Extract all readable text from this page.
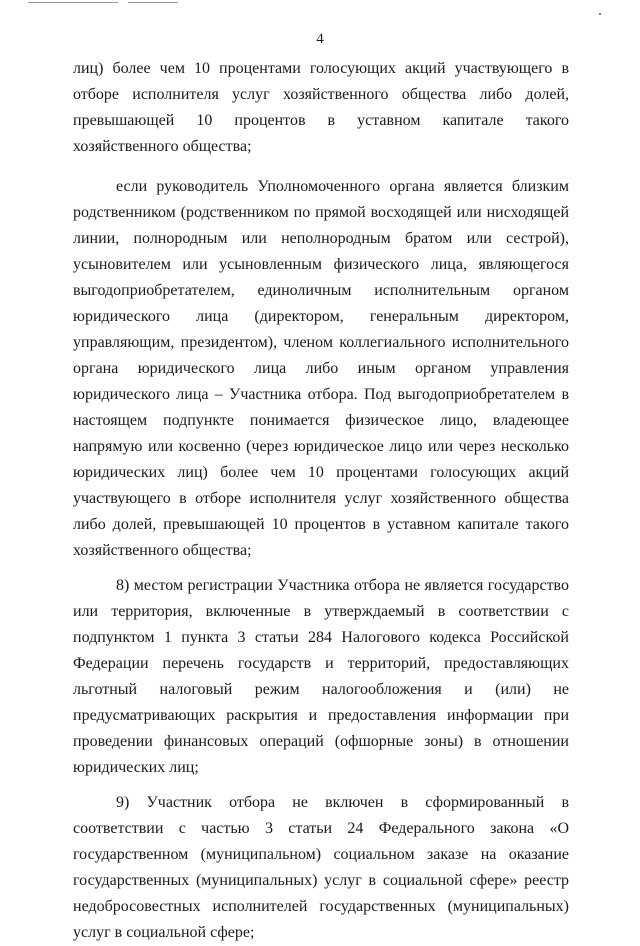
4

лиц) более чем 10 процентами голосующих акций участвующего в отборе исполнителя услуг хозяйственного общества либо долей, превышающей 10 процентов в уставном капитале такого хозяйственного общества;

если руководитель Уполномоченного органа является близким родственником (родственником по прямой восходящей или нисходящей линии, полнородным или неполнородным братом или сестрой), усыновителем или усыновленным физического лица, являющегося выгодоприобретателем, единоличным исполнительным органом юридического лица (директором, генеральным директором, управляющим, президентом), членом коллегиального исполнительного органа юридического лица либо иным органом управления юридического лица – Участника отбора. Под выгодоприобретателем в настоящем подпункте понимается физическое лицо, владеющее напрямую или косвенно (через юридическое лицо или через несколько юридических лиц) более чем 10 процентами голосующих акций участвующего в отборе исполнителя услуг хозяйственного общества либо долей, превышающей 10 процентов в уставном капитале такого хозяйственного общества;

8) местом регистрации Участника отбора не является государство или территория, включенные в утверждаемый в соответствии с подпунктом 1 пункта 3 статьи 284 Налогового кодекса Российской Федерации перечень государств и территорий, предоставляющих льготный налоговый режим налогообложения и (или) не предусматривающих раскрытия и предоставления информации при проведении финансовых операций (офшорные зоны) в отношении юридических лиц;

9) Участник отбора не включен в сформированный в соответствии с частью 3 статьи 24 Федерального закона «О государственном (муниципальном) социальном заказе на оказание государственных (муниципальных) услуг в социальной сфере» реестр недобросовестных исполнителей государственных (муниципальных) услуг в социальной сфере;
